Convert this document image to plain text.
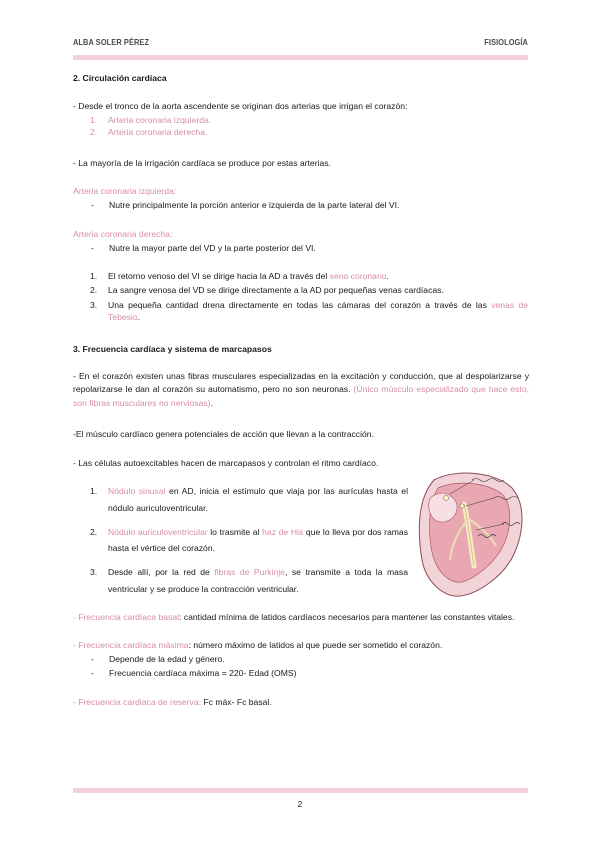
ALBA SOLER PÉREZ	FISIOLOGÍA
2. Circulación cardíaca
- Desde el tronco de la aorta ascendente se originan dos arterias que irrigan el corazón:
1.	Arteria coronaria izquierda.
2.	Arteria coronaria derecha.
- La mayoría de la irrigación cardíaca se produce por estas arterias.
Arteria coronaria izquierda:
-	Nutre principalmente la porción anterior e izquierda de la parte lateral del VI.
Arteria coronaria derecha:
-	Nutre la mayor parte del VD y la parte posterior del VI.
1.	El retorno venoso del VI se dirige hacia la AD a través del seno coronario.
2.	La sangre venosa del VD se dirige directamente a la AD por pequeñas venas cardíacas.
3.	Una pequeña cantidad drena directamente en todas las cámaras del corazón a través de las venas de Tebesio.
3. Frecuencia cardíaca y sistema de marcapasos
- En el corazón existen unas fibras musculares especializadas en la excitación y conducción, que al despolarizarse y repolarizarse le dan al corazón su automatismo, pero no son neuronas. (Único músculo especializado que hace esto, son fibras musculares no nerviosas).
-El músculo cardíaco genera potenciales de acción que llevan a la contracción.
- Las células autoexcitables hacen de marcapasos y controlan el ritmo cardíaco.
1.	Nódulo sinusal en AD, inicia el estímulo que viaja por las aurículas hasta el nódulo auriculoventricular.
2.	Nódulo auriculoventricular lo trasmite al haz de His que lo lleva por dos ramas hasta el vértice del corazón.
3.	Desde allí, por la red de fibras de Purkinje, se transmite a toda la masa ventricular y se produce la contracción ventricular.
- Frecuencia cardíaca basal: cantidad mínima de latidos cardíacos necesarios para mantener las constantes vitales.
- Frecuencia cardíaca máxima: número máximo de latidos al que puede ser sometido el corazón.
-	Depende de la edad y género.
-	Frecuencia cardíaca máxima = 220- Edad (OMS)
- Frecuencia cardiaca de reserva: Fc máx- Fc basal.
2
